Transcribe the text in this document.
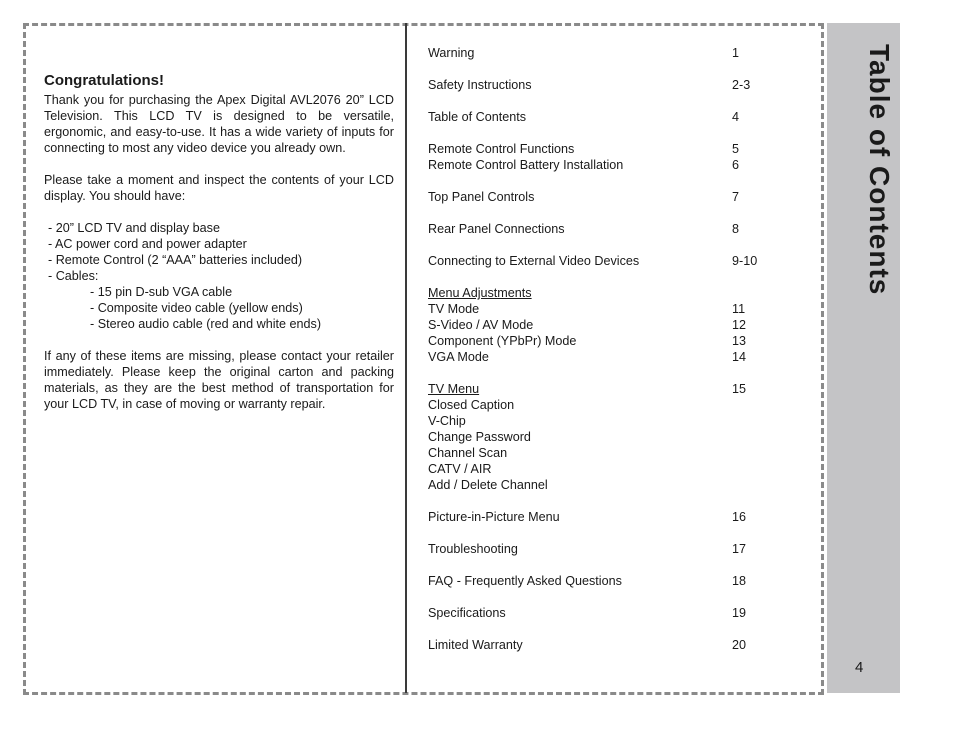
Congratulations!

Thank you for purchasing the Apex Digital AVL2076 20” LCD Television. This LCD TV is designed to be versatile, ergonomic, and easy-to-use. It has a wide variety of inputs for connecting to most any video device you already own.

Please take a moment and inspect the contents of your LCD display. You should have:

- 20” LCD TV and display base
- AC power cord and power adapter
- Remote Control (2 “AAA” batteries included)
- Cables:
- 15 pin D-sub VGA cable
- Composite video cable (yellow ends)
- Stereo audio cable (red and white ends)

If any of these items are missing, please contact your retailer immediately. Please keep the original carton and packing materials, as they are the best method of transportation for your LCD TV, in case of moving or warranty repair.

Warning	1
Safety Instructions	2-3
Table of Contents	4
Remote Control Functions	5
Remote Control Battery Installation	6
Top Panel Controls	7
Rear Panel Connections	8
Connecting to External Video Devices	9-10
Menu Adjustments
TV Mode	11
S-Video / AV Mode	12
Component (YPbPr) Mode	13
VGA Mode	14
TV Menu	15
Closed Caption
V-Chip
Change Password
Channel Scan
CATV / AIR
Add / Delete Channel
Picture-in-Picture Menu	16
Troubleshooting	17
FAQ - Frequently Asked Questions	18
Specifications	19
Limited Warranty	20
Table of Contents
4
